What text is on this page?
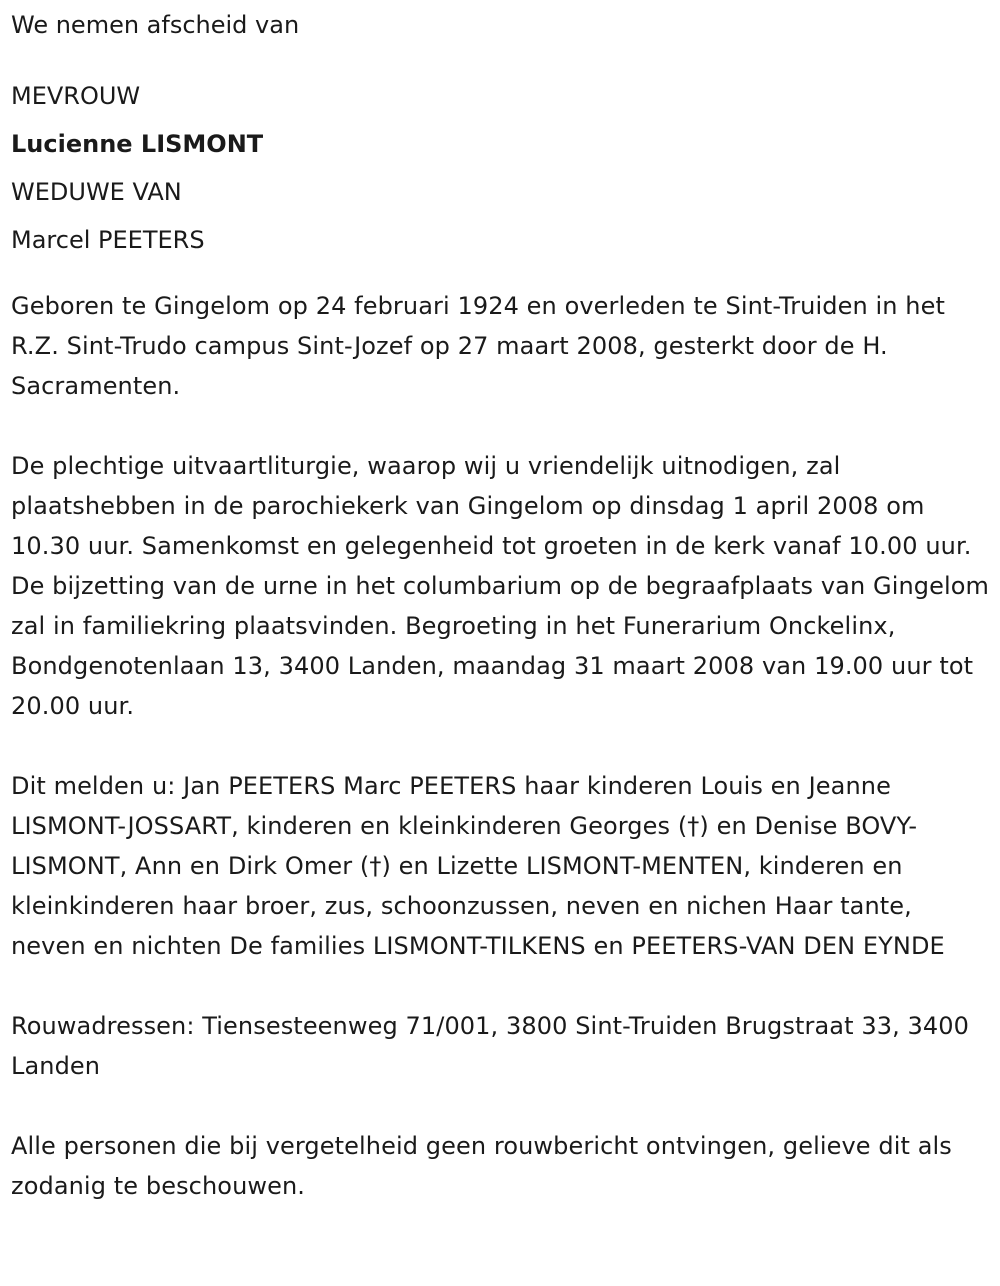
We nemen afscheid van

MEVROUW

Lucienne LISMONT

WEDUWE VAN

Marcel PEETERS

Geboren te Gingelom op 24 februari 1924 en overleden te Sint-Truiden in het R.Z. Sint-Trudo campus Sint-Jozef op 27 maart 2008, gesterkt door de H. Sacramenten.

De plechtige uitvaartliturgie, waarop wij u vriendelijk uitnodigen, zal plaatshebben in de parochiekerk van Gingelom op dinsdag 1 april 2008 om 10.30 uur. Samenkomst en gelegenheid tot groeten in de kerk vanaf 10.00 uur. De bijzetting van de urne in het columbarium op de begraafplaats van Gingelom zal in familiekring plaatsvinden. Begroeting in het Funerarium Onckelinx, Bondgenotenlaan 13, 3400 Landen, maandag 31 maart 2008 van 19.00 uur tot 20.00 uur.

Dit melden u: Jan PEETERS Marc PEETERS haar kinderen Louis en Jeanne LISMONT-JOSSART, kinderen en kleinkinderen Georges (†) en Denise BOVY-LISMONT, Ann en Dirk Omer (†) en Lizette LISMONT-MENTEN, kinderen en kleinkinderen haar broer, zus, schoonzussen, neven en nichen Haar tante, neven en nichten De families LISMONT-TILKENS en PEETERS-VAN DEN EYNDE

Rouwadressen: Tiensesteenweg 71/001, 3800 Sint-Truiden Brugstraat 33, 3400 Landen

Alle personen die bij vergetelheid geen rouwbericht ontvingen, gelieve dit als zodanig te beschouwen.
